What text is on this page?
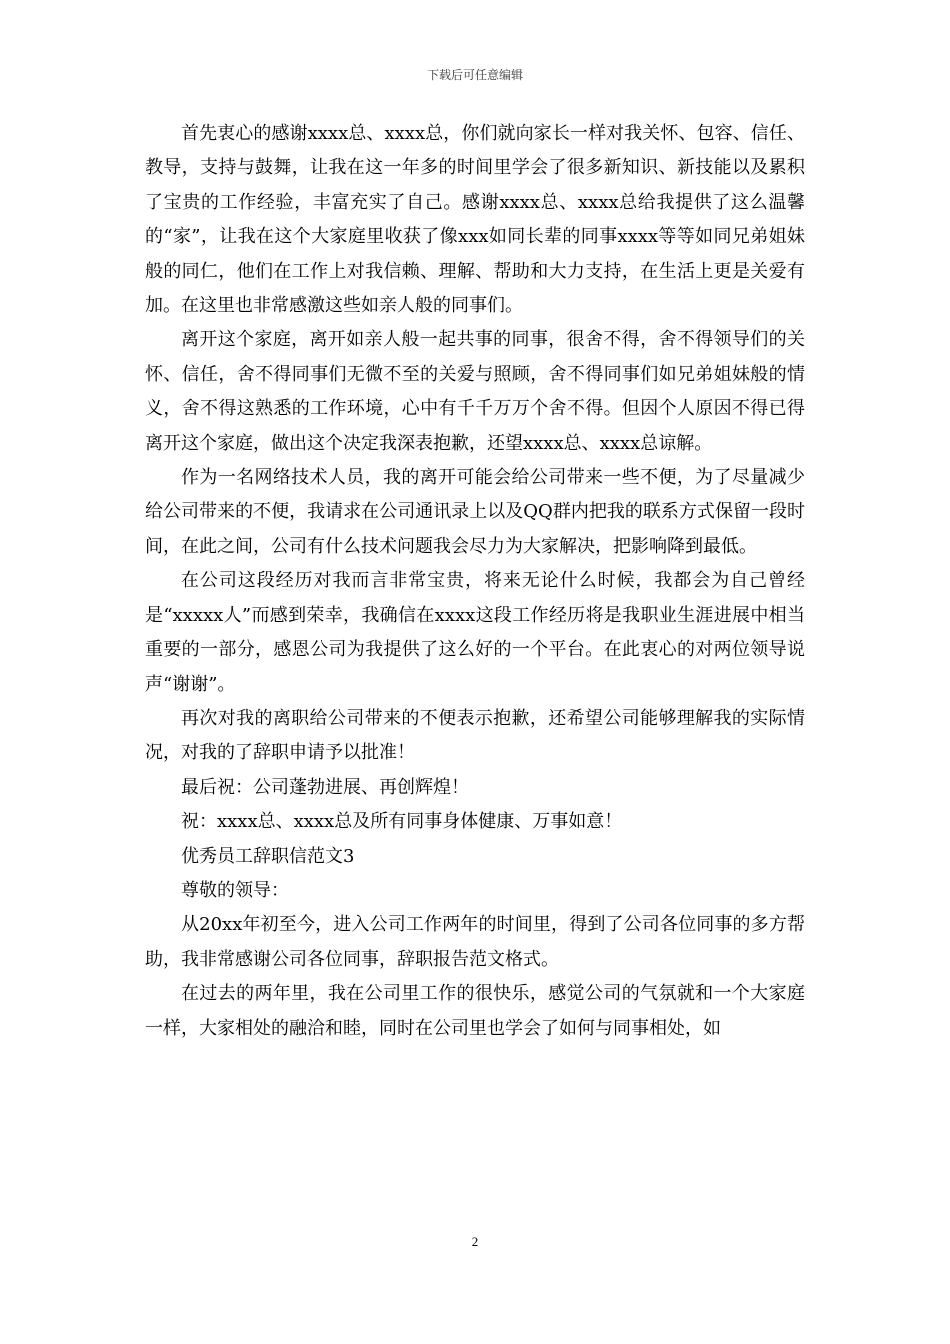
下载后可任意编辑

首先衷心的感谢xxxx总、xxxx总，你们就向家长一样对我关怀、包容、信任、教导，支持与鼓舞，让我在这一年多的时间里学会了很多新知识、新技能以及累积了宝贵的工作经验，丰富充实了自己。感谢xxxx总、xxxx总给我提供了这么温馨的“家”，让我在这个大家庭里收获了像xxx如同长辈的同事xxxx等等如同兄弟姐妹般的同仁，他们在工作上对我信赖、理解、帮助和大力支持，在生活上更是关爱有加。在这里也非常感激这些如亲人般的同事们。

离开这个家庭，离开如亲人般一起共事的同事，很舍不得，舍不得领导们的关怀、信任，舍不得同事们无微不至的关爱与照顾，舍不得同事们如兄弟姐妹般的情义，舍不得这熟悉的工作环境，心中有千千万万个舍不得。但因个人原因不得已得离开这个家庭，做出这个决定我深表抱歉，还望xxxx总、xxxx总谅解。

作为一名网络技术人员，我的离开可能会给公司带来一些不便，为了尽量减少给公司带来的不便，我请求在公司通讯录上以及QQ群内把我的联系方式保留一段时间，在此之间，公司有什么技术问题我会尽力为大家解决，把影响降到最低。

在公司这段经历对我而言非常宝贵，将来无论什么时候，我都会为自己曾经是“xxxxx人”而感到荣幸，我确信在xxxx这段工作经历将是我职业生涯进展中相当重要的一部分，感恩公司为我提供了这么好的一个平台。在此衷心的对两位领导说声“谢谢”。

再次对我的离职给公司带来的不便表示抱歉，还希望公司能够理解我的实际情况，对我的了辞职申请予以批准！

最后祝：公司蓬勃进展、再创辉煌！

祝：xxxx总、xxxx总及所有同事身体健康、万事如意！

优秀员工辞职信范文3

尊敬的领导：

从20xx年初至今，进入公司工作两年的时间里，得到了公司各位同事的多方帮助，我非常感谢公司各位同事，辞职报告范文格式。

在过去的两年里，我在公司里工作的很快乐，感觉公司的气氛就和一个大家庭一样，大家相处的融洽和睦，同时在公司里也学会了如何与同事相处，如

2
